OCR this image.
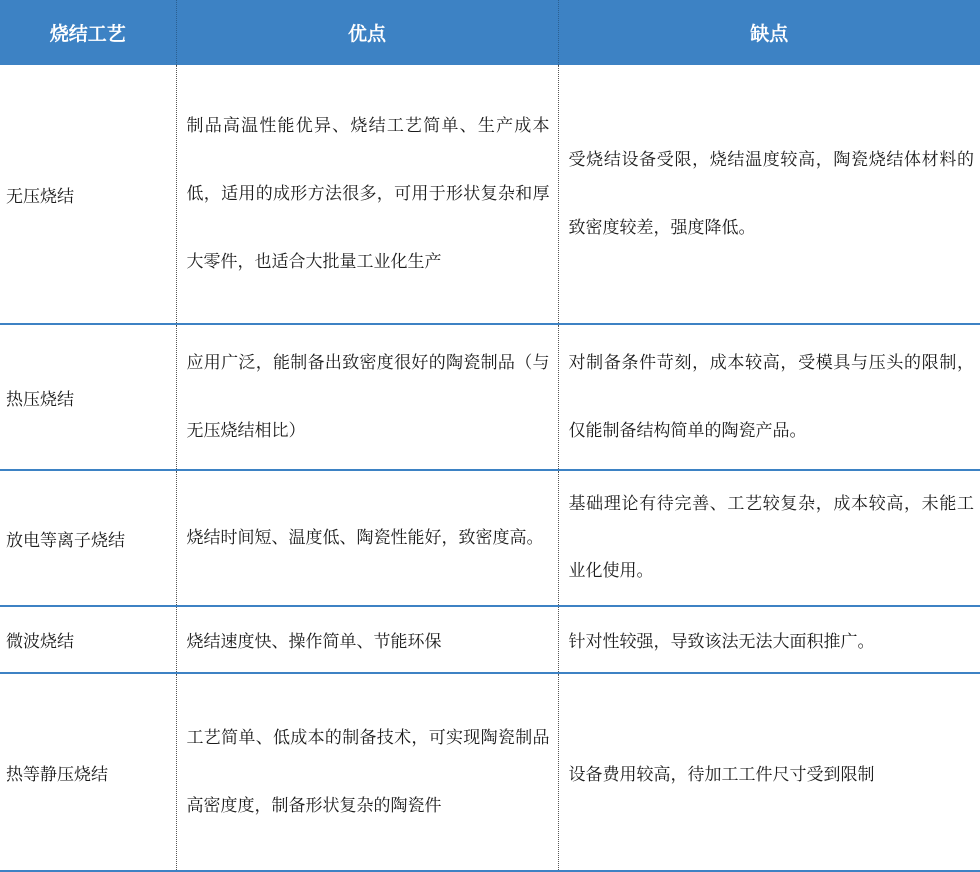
烧结工艺	优点	缺点
无压烧结	制品高温性能优异、烧结工艺简单、生产成本低，适用的成形方法很多，可用于形状复杂和厚大零件，也适合大批量工业化生产	受烧结设备受限，烧结温度较高，陶瓷烧结体材料的致密度较差，强度降低。
热压烧结	应用广泛，能制备出致密度很好的陶瓷制品（与无压烧结相比）	对制备条件苛刻，成本较高，受模具与压头的限制，仅能制备结构简单的陶瓷产品。
放电等离子烧结	烧结时间短、温度低、陶瓷性能好，致密度高。	基础理论有待完善、工艺较复杂，成本较高，未能工业化使用。
微波烧结	烧结速度快、操作简单、节能环保	针对性较强，导致该法无法大面积推广。
热等静压烧结	工艺简单、低成本的制备技术，可实现陶瓷制品高密度度，制备形状复杂的陶瓷件	设备费用较高，待加工工件尺寸受到限制
